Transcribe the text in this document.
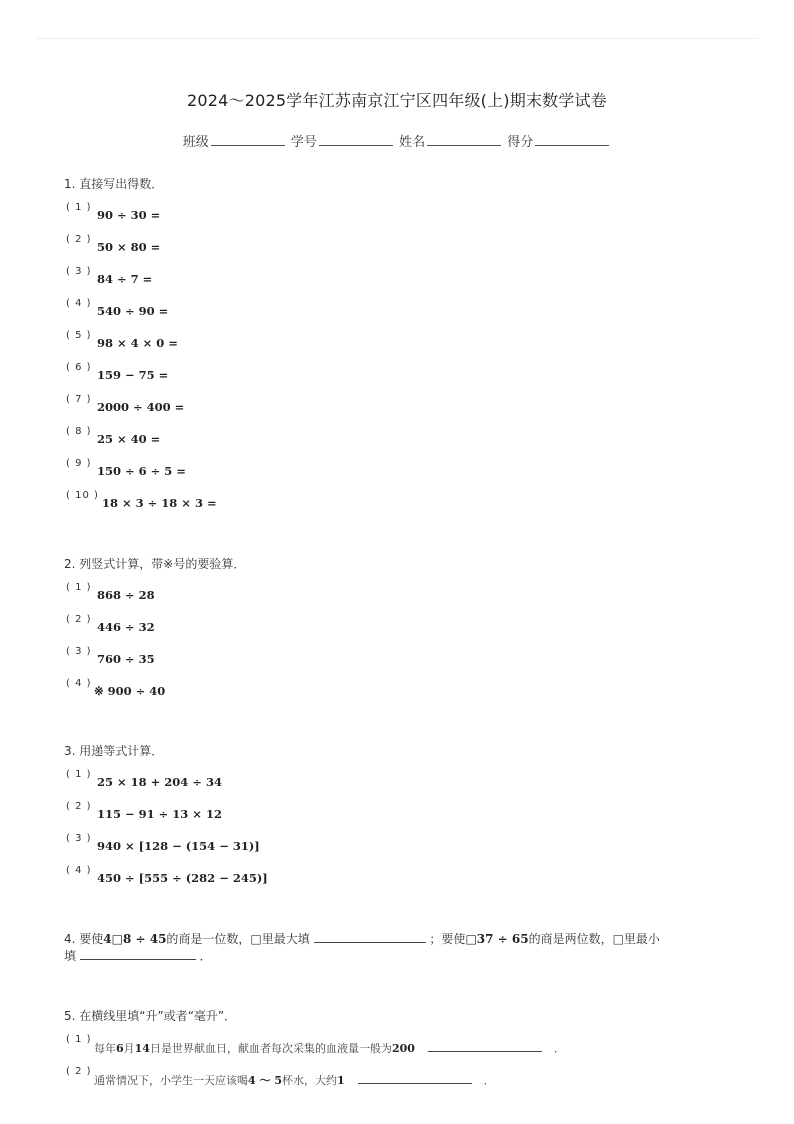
2024～2025学年江苏南京江宁区四年级(上)期末数学试卷
班级	学号	姓名	得分
1. 直接写出得数．
( 1 )
90 ÷ 30 =
( 2 )
50 × 80 =
( 3 )
84 ÷ 7 =
( 4 )
540 ÷ 90 =
( 5 )
98 × 4 × 0 =
( 6 )
159 − 75 =
( 7 )
2000 ÷ 400 =
( 8 )
25 × 40 =
( 9 )
150 ÷ 6 ÷ 5 =
( 10 )
18 × 3 ÷ 18 × 3 =
2. 列竖式计算，带※号的要验算．
( 1 )
868 ÷ 28
( 2 )
446 ÷ 32
( 3 )
760 ÷ 35
( 4 )
※ 900 ÷ 40
3. 用递等式计算．
( 1 )
25 × 18 + 204 ÷ 34
( 2 )
115 − 91 ÷ 13 × 12
( 3 )
940 × [128 − (154 − 31)]
( 4 )
450 ÷ [555 ÷ (282 − 245)]
4. 要使4□8 ÷ 45的商是一位数，□里最大填	；要使□37 ÷ 65的商是两位数，□里最小
填	．
5. 在横线里填“升”或者“毫升”．
( 1 )
每年6月14日是世界献血日，献血者每次采集的血液量一般为200	．
( 2 )
通常情况下，小学生一天应该喝4 ～ 5杯水，大约1	．
